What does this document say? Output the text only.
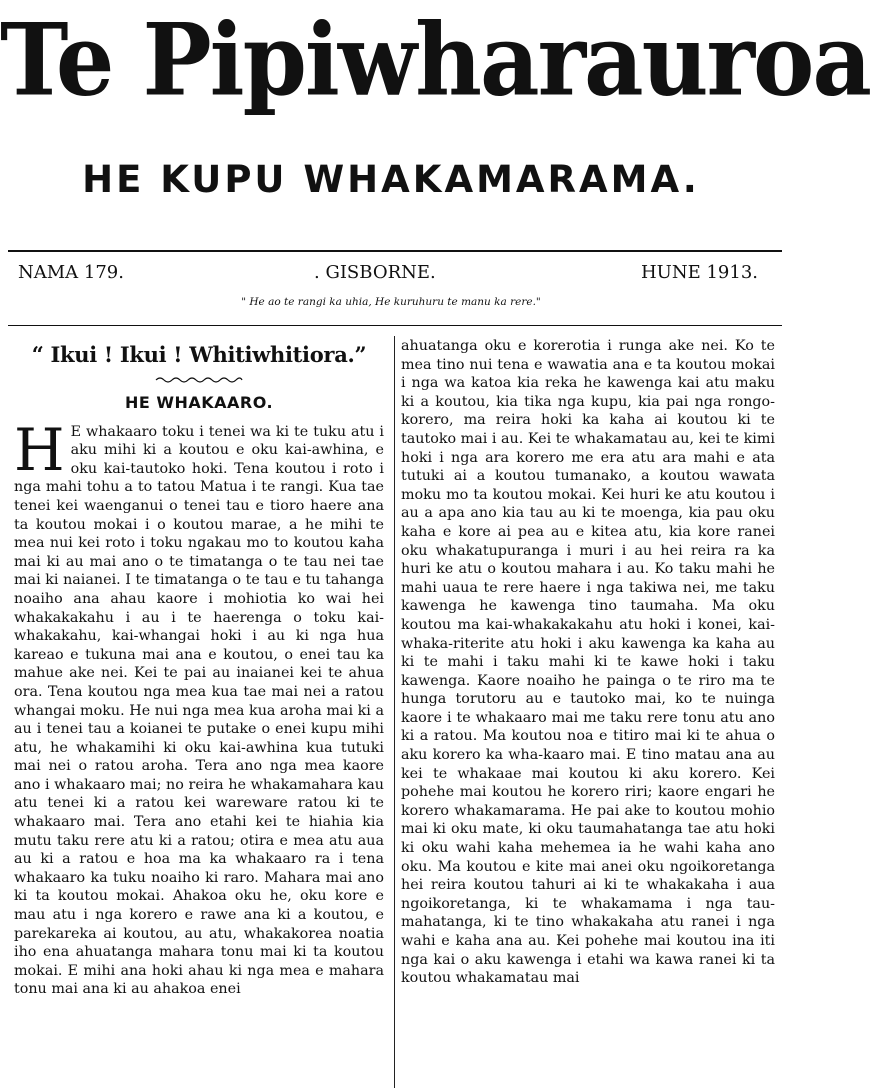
Te Pipiwharauroa
HE KUPU WHAKAMARAMA.
NAMA 179.	. GISBORNE.	HUNE 1913.
" He ao te rangi ka uhia, He kuruhuru te manu ka rere."
“ Ikui ! Ikui ! Whitiwhitiora.”
HE WHAKAARO.

H E whakaaro toku i tenei wa ki te tuku atu i aku mihi ki a koutou e oku kai-awhina, e oku kai-tautoko hoki. Tena koutou i roto i nga mahi tohu a to tatou Matua i te rangi. Kua tae tenei kei waenganui o tenei tau e tioro haere ana ta koutou mokai i o koutou marae, a he mihi te mea nui kei roto i toku ngakau mo to koutou kaha mai ki au mai ano o te timatanga o te tau nei tae mai ki naianei. I te timatanga o te tau e tu tahanga noaiho ana ahau kaore i mohiotia ko wai hei whakakakahu i au i te haerenga o toku kai-whakakahu, kai-whangai hoki i au ki nga hua kareao e tukuna mai ana e koutou, o enei tau ka mahue ake nei. Kei te pai au inaianei kei te ahua ora. Tena koutou nga mea kua tae mai nei a ratou whangai moku. He nui nga mea kua aroha mai ki a au i tenei tau a koianei te putake o enei kupu mihi atu, he whakamihi ki oku kai-awhina kua tutuki mai nei o ratou aroha. Tera ano nga mea kaore ano i whakaaro mai; no reira he whakamahara kau atu tenei ki a ratou kei wareware ratou ki te whakaaro mai. Tera ano etahi kei te hiahia kia mutu taku rere atu ki a ratou; otira e mea atu aua au ki a ratou e hoa ma ka whakaaro ra i tena whakaaro ka tuku noaiho ki raro. Mahara mai ano ki ta koutou mokai. Ahakoa oku he, oku kore e mau atu i nga korero e rawe ana ki a koutou, e parekareka ai koutou, au atu, whakakorea noatia iho ena ahuatanga mahara tonu mai ki ta koutou mokai. E mihi ana hoki ahau ki nga mea e mahara tonu mai ana ki au ahakoa enei

ahuatanga oku e korerotia i runga ake nei. Ko te mea tino nui tena e wawatia ana e ta koutou mokai i nga wa katoa kia reka he kawenga kai atu maku ki a koutou, kia tika nga kupu, kia pai nga rongo-korero, ma reira hoki ka kaha ai koutou ki te tautoko mai i au. Kei te whakamatau au, kei te kimi hoki i nga ara korero me era atu ara mahi e ata tutuki ai a koutou tumanako, a koutou wawata moku mo ta koutou mokai. Kei huri ke atu koutou i au a apa ano kia tau au ki te moenga, kia pau oku kaha e kore ai pea au e kitea atu, kia kore ranei oku whakatupuranga i muri i au hei reira ra ka huri ke atu o koutou mahara i au. Ko taku mahi he mahi uaua te rere haere i nga takiwa nei, me taku kawenga he kawenga tino taumaha. Ma oku koutou ma kai-whakakakahu atu hoki i konei, kai-whaka-riterite atu hoki i aku kawenga ka kaha au ki te mahi i taku mahi ki te kawe hoki i taku kawenga. Kaore noaiho he painga o te riro ma te hunga torutoru au e tautoko mai, ko te nuinga kaore i te whakaaro mai me taku rere tonu atu ano ki a ratou. Ma koutou noa e titiro mai ki te ahua o aku korero ka wha-kaaro mai. E tino matau ana au kei te whakaae mai koutou ki aku korero. Kei pohehe mai koutou he korero riri; kaore engari he korero whakamarama. He pai ake to koutou mohio mai ki oku mate, ki oku taumahatanga tae atu hoki ki oku wahi kaha mehemea ia he wahi kaha ano oku. Ma koutou e kite mai anei oku ngoikoretanga hei reira koutou tahuri ai ki te whakakaha i aua ngoikoretanga, ki te whakamama i nga tau-mahatanga, ki te tino whakakaha atu ranei i nga wahi e kaha ana au. Kei pohehe mai koutou ina iti nga kai o aku kawenga i etahi wa kawa ranei ki ta koutou whakamatau mai
